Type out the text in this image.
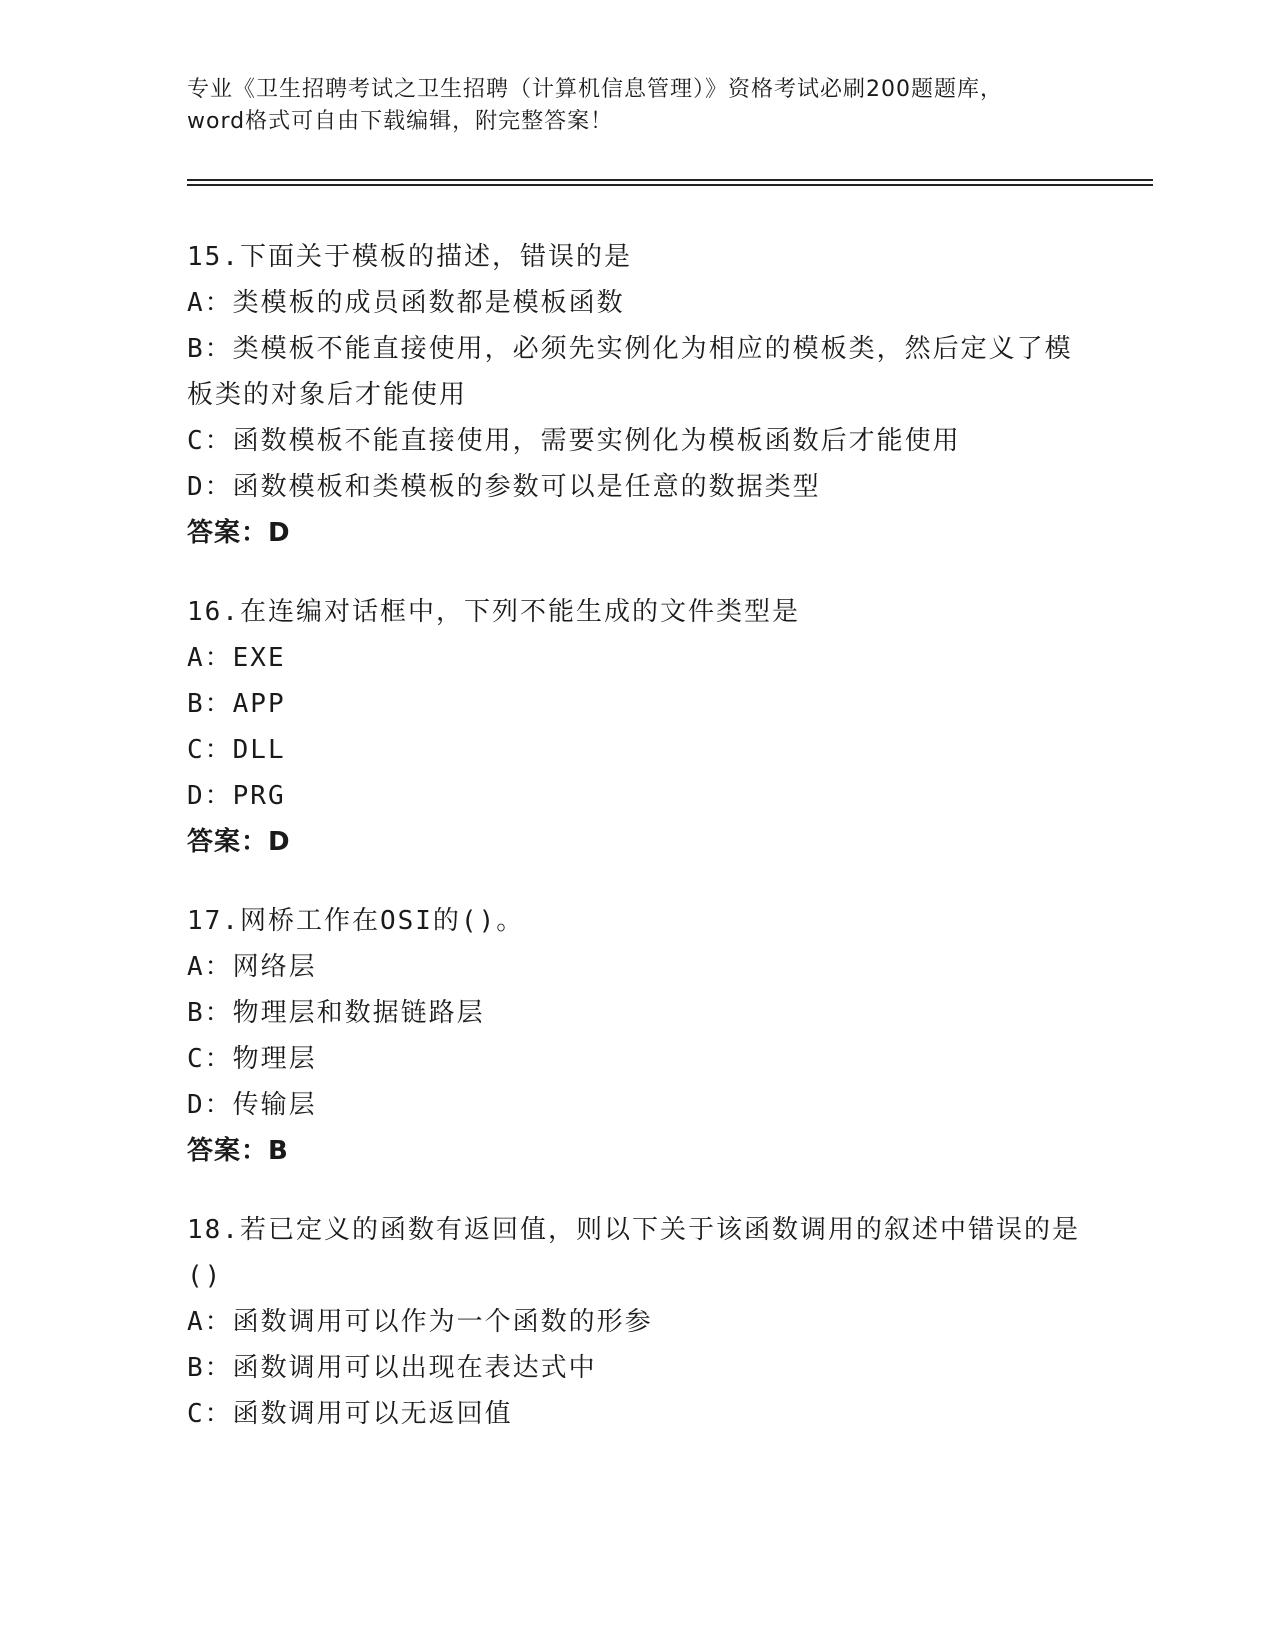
专业《卫生招聘考试之卫生招聘（计算机信息管理）》资格考试必刷200题题库，
word格式可自由下载编辑，附完整答案！
15.下面关于模板的描述，错误的是
A：类模板的成员函数都是模板函数
B：类模板不能直接使用，必须先实例化为相应的模板类，然后定义了模板类的对象后才能使用
C：函数模板不能直接使用，需要实例化为模板函数后才能使用
D：函数模板和类模板的参数可以是任意的数据类型
答案：D
16.在连编对话框中，下列不能生成的文件类型是
A：EXE
B：APP
C：DLL
D：PRG
答案：D
17.网桥工作在OSI的()。
A：网络层
B：物理层和数据链路层
C：物理层
D：传输层
答案：B
18.若已定义的函数有返回值，则以下关于该函数调用的叙述中错误的是()
A：函数调用可以作为一个函数的形参
B：函数调用可以出现在表达式中
C：函数调用可以无返回值
